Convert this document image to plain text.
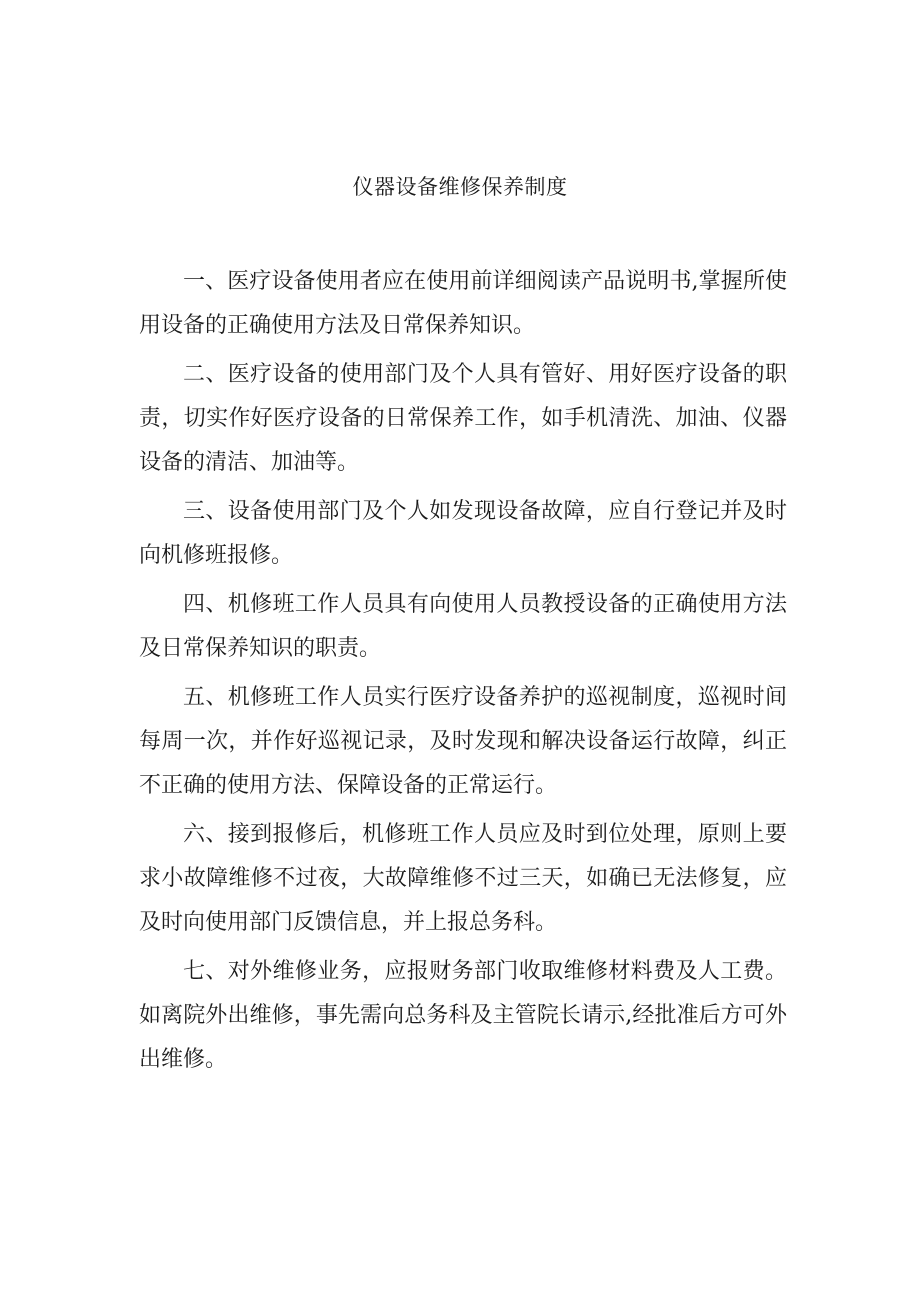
仪器设备维修保养制度

一、医疗设备使用者应在使用前详细阅读产品说明书,掌握所使用设备的正确使用方法及日常保养知识。

二、医疗设备的使用部门及个人具有管好、用好医疗设备的职责，切实作好医疗设备的日常保养工作，如手机清洗、加油、仪器设备的清洁、加油等。

三、设备使用部门及个人如发现设备故障，应自行登记并及时向机修班报修。

四、机修班工作人员具有向使用人员教授设备的正确使用方法及日常保养知识的职责。

五、机修班工作人员实行医疗设备养护的巡视制度，巡视时间每周一次，并作好巡视记录，及时发现和解决设备运行故障，纠正不正确的使用方法、保障设备的正常运行。

六、接到报修后，机修班工作人员应及时到位处理，原则上要求小故障维修不过夜，大故障维修不过三天，如确已无法修复，应及时向使用部门反馈信息，并上报总务科。

七、对外维修业务，应报财务部门收取维修材料费及人工费。如离院外出维修，事先需向总务科及主管院长请示,经批准后方可外出维修。
